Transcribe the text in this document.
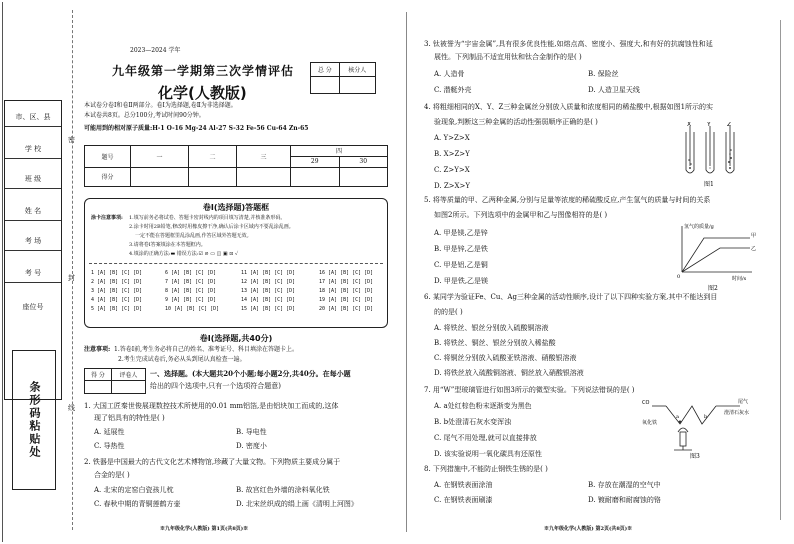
市、区、县
学 校
班 级
姓 名
考 场
考 号
座位号
条形码粘贴处
密
封
线
2023—2024 学年
九年级第一学期第三次学情评估
化学(人教版)
总 分	核分人

本试卷分卷Ⅰ和卷Ⅱ两部分。卷Ⅰ为选择题,卷Ⅱ为非选择题。
本试卷共8页。总分100分,考试时间90分钟。
可能用到的相对原子质量:H-1 O-16 Mg-24 Al-27 S-32 Fe-56 Cu-64 Zn-65
题号	一	二	三	四	
				29	30
得分					
卷Ⅰ(选择题)答题框
涂卡注意事项: 1.填写前务必将试卷、答题卡密封线内的项目填写清楚,并核准条形码。
2.涂卡时用2B铅笔,修改时用橡皮擦干净,确认后涂卡区域内不要乱涂乱画。
一定不能在答题框里乱涂乱画,作答区域外答题无效。
3.请将卷Ⅰ答案填涂在本答题框内。
4.填涂的正确方法:▬ 错误方法:☑ ⊘ ▭ ◫ ▣ ⊡ ✓
1 [A] [B] [C] [D]	6 [A] [B] [C] [D]	11 [A] [B] [C] [D]	16 [A] [B] [C] [D]
2 [A] [B] [C] [D]	7 [A] [B] [C] [D]	12 [A] [B] [C] [D]	17 [A] [B] [C] [D]
3 [A] [B] [C] [D]	8 [A] [B] [C] [D]	13 [A] [B] [C] [D]	18 [A] [B] [C] [D]
4 [A] [B] [C] [D]	9 [A] [B] [C] [D]	14 [A] [B] [C] [D]	19 [A] [B] [C] [D]
5 [A] [B] [C] [D]	10 [A] [B] [C] [D]	15 [A] [B] [C] [D]	20 [A] [B] [C] [D]
卷Ⅰ(选择题,共40分)
注意事项: 1.答卷Ⅰ前,考生务必将自己的姓名、准考证号、科目填涂在答题卡上。
2.考生完成试卷后,务必从头到尾认真检查一遍。
得 分	评卷人
	一、选择题。(本大题共20个小题;每小题2分,共40分。在每小题
给出的四个选项中,只有一个选项符合题意)
1. 大国工匠秦世俊展现数控技术所使用的0.01 mm铝箔,是由铝块加工而成的,这体
现了铝具有的特性是( )
A. 延展性	B. 导电性
C. 导热性	D. 密度小
2. 铁器是中国最大的古代文化艺术博物馆,珍藏了大量文物。下列物质主要成分属于
合金的是( )
A. 北宋的定窑白瓷孩儿枕	B. 故宫红色外墙的涂料氧化铁
C. 春秋中期的青铜莲鹤方壶	D. 北宋丝织成的绢上画《清明上河图》
※九年级化学(人教版) 第1页(共8页)※
3. 钛被誉为“宇宙金属”,具有很多优良性能,如熔点高、密度小、强度大,和有好的抗腐蚀性和延
展性。下列制品不适宜用钛和钛合金制作的是( )
A. 人造骨	B. 保险丝
C. 潜艇外壳	D. 人造卫星天线
4. 将粗细相同的X、Y、Z三种金属丝分别放入质量和浓度相同的稀盐酸中,根据如图1所示的实
验现象,判断这三种金属的活动性强弱顺序正确的是( )
A. Y>Z>X
B. X>Z>Y
C. Z>Y>X
D. Z>X>Y
X	Y	Z
图1
5. 将等质量的甲、乙两种金属,分别与足量等浓度的稀硫酸反应,产生氢气的质量与时间的关系
如图2所示。下列选项中的金属甲和乙与图像相符的是( )
A. 甲是镁,乙是锌
B. 甲是锌,乙是铁
C. 甲是铝,乙是铜
D. 甲是铁,乙是镁
氢气的质量/g
时间/s
0
甲
乙
图2
6. 某同学为验证Fe、Cu、Ag三种金属的活动性顺序,设计了以下四种实验方案,其中不能达到目
的的是( )
A. 将铁丝、银丝分别放入硫酸铜溶液
B. 将铁丝、铜丝、银丝分别放入稀盐酸
C. 将铜丝分别放入硫酸亚铁溶液、硝酸银溶液
D. 将铁丝放入硫酸铜溶液、铜丝放入硝酸银溶液
7. 用“W”型玻璃管进行如图3所示的微型实验。下列说法错误的是( )
A. a处红棕色粉末逐渐变为黑色
B. b处澄清石灰水变浑浊
C. 尾气不用处理,就可以直接排放
D. 该实验说明一氧化碳具有还原性
CO
氧化铁
a	b
尾气
澄清石灰水
图3
8. 下列措施中,不能防止钢铁生锈的是( )
A. 在钢铁表面涂油	B. 存放在潮湿的空气中
C. 在钢铁表面刷漆	D. 镀耐磨和耐腐蚀的铬
※九年级化学(人教版) 第2页(共8页)※
